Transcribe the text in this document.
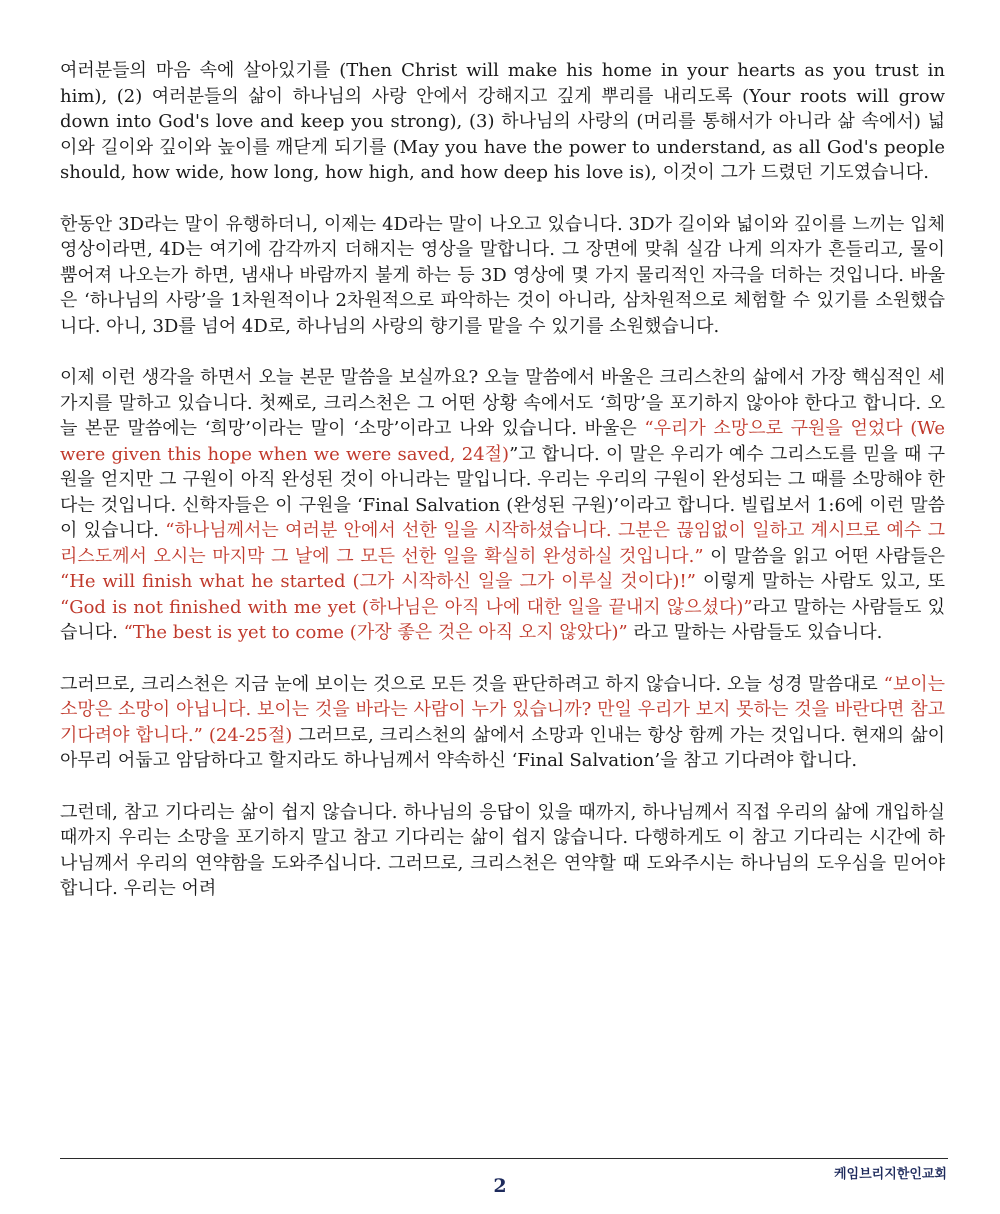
여러분들의 마음 속에 살아있기를 (Then Christ will make his home in your hearts as you trust in him), (2) 여러분들의 삶이 하나님의 사랑 안에서 강해지고 깊게 뿌리를 내리도록 (Your roots will grow down into God's love and keep you strong), (3) 하나님의 사랑의 (머리를 통해서가 아니라 삶 속에서) 넓이와 길이와 깊이와 높이를 깨닫게 되기를 (May you have the power to understand, as all God's people should, how wide, how long, how high, and how deep his love is), 이것이 그가 드렸던 기도였습니다.

한동안 3D라는 말이 유행하더니, 이제는 4D라는 말이 나오고 있습니다. 3D가 길이와 넓이와 깊이를 느끼는 입체 영상이라면, 4D는 여기에 감각까지 더해지는 영상을 말합니다. 그 장면에 맞춰 실감 나게 의자가 흔들리고, 물이 뿜어져 나오는가 하면, 냄새나 바람까지 불게 하는 등 3D 영상에 몇 가지 물리적인 자극을 더하는 것입니다. 바울은 ‘하나님의 사랑’을 1차원적이나 2차원적으로 파악하는 것이 아니라, 삼차원적으로 체험할 수 있기를 소원했습니다. 아니, 3D를 넘어 4D로, 하나님의 사랑의 향기를 맡을 수 있기를 소원했습니다.

이제 이런 생각을 하면서 오늘 본문 말씀을 보실까요? 오늘 말씀에서 바울은 크리스찬의 삶에서 가장 핵심적인 세가지를 말하고 있습니다. 첫째로, 크리스천은 그 어떤 상황 속에서도 ‘희망’을 포기하지 않아야 한다고 합니다. 오늘 본문 말씀에는 ‘희망’이라는 말이 ‘소망’이라고 나와 있습니다. 바울은 “우리가 소망으로 구원을 얻었다 (We were given this hope when we were saved, 24절)”고 합니다. 이 말은 우리가 예수 그리스도를 믿을 때 구원을 얻지만 그 구원이 아직 완성된 것이 아니라는 말입니다. 우리는 우리의 구원이 완성되는 그 때를 소망해야 한다는 것입니다. 신학자들은 이 구원을 ‘Final Salvation (완성된 구원)’이라고 합니다. 빌립보서 1:6에 이런 말씀이 있습니다. “하나님께서는 여러분 안에서 선한 일을 시작하셨습니다. 그분은 끊임없이 일하고 계시므로 예수 그리스도께서 오시는 마지막 그 날에 그 모든 선한 일을 확실히 완성하실 것입니다.” 이 말씀을 읽고 어떤 사람들은 “He will finish what he started (그가 시작하신 일을 그가 이루실 것이다)!” 이렇게 말하는 사람도 있고, 또 “God is not finished with me yet (하나님은 아직 나에 대한 일을 끝내지 않으셨다)”라고 말하는 사람들도 있습니다. “The best is yet to come (가장 좋은 것은 아직 오지 않았다)” 라고 말하는 사람들도 있습니다.

그러므로, 크리스천은 지금 눈에 보이는 것으로 모든 것을 판단하려고 하지 않습니다. 오늘 성경 말씀대로 “보이는 소망은 소망이 아닙니다. 보이는 것을 바라는 사람이 누가 있습니까? 만일 우리가 보지 못하는 것을 바란다면 참고 기다려야 합니다.” (24-25절) 그러므로, 크리스천의 삶에서 소망과 인내는 항상 함께 가는 것입니다. 현재의 삶이 아무리 어둡고 암담하다고 할지라도 하나님께서 약속하신 ‘Final Salvation’을 참고 기다려야 합니다.

그런데, 참고 기다리는 삶이 쉽지 않습니다. 하나님의 응답이 있을 때까지, 하나님께서 직접 우리의 삶에 개입하실 때까지 우리는 소망을 포기하지 말고 참고 기다리는 삶이 쉽지 않습니다. 다행하게도 이 참고 기다리는 시간에 하나님께서 우리의 연약함을 도와주십니다. 그러므로, 크리스천은 연약할 때 도와주시는 하나님의 도우심을 믿어야 합니다. 우리는 어려

케임브리지한인교회
2
